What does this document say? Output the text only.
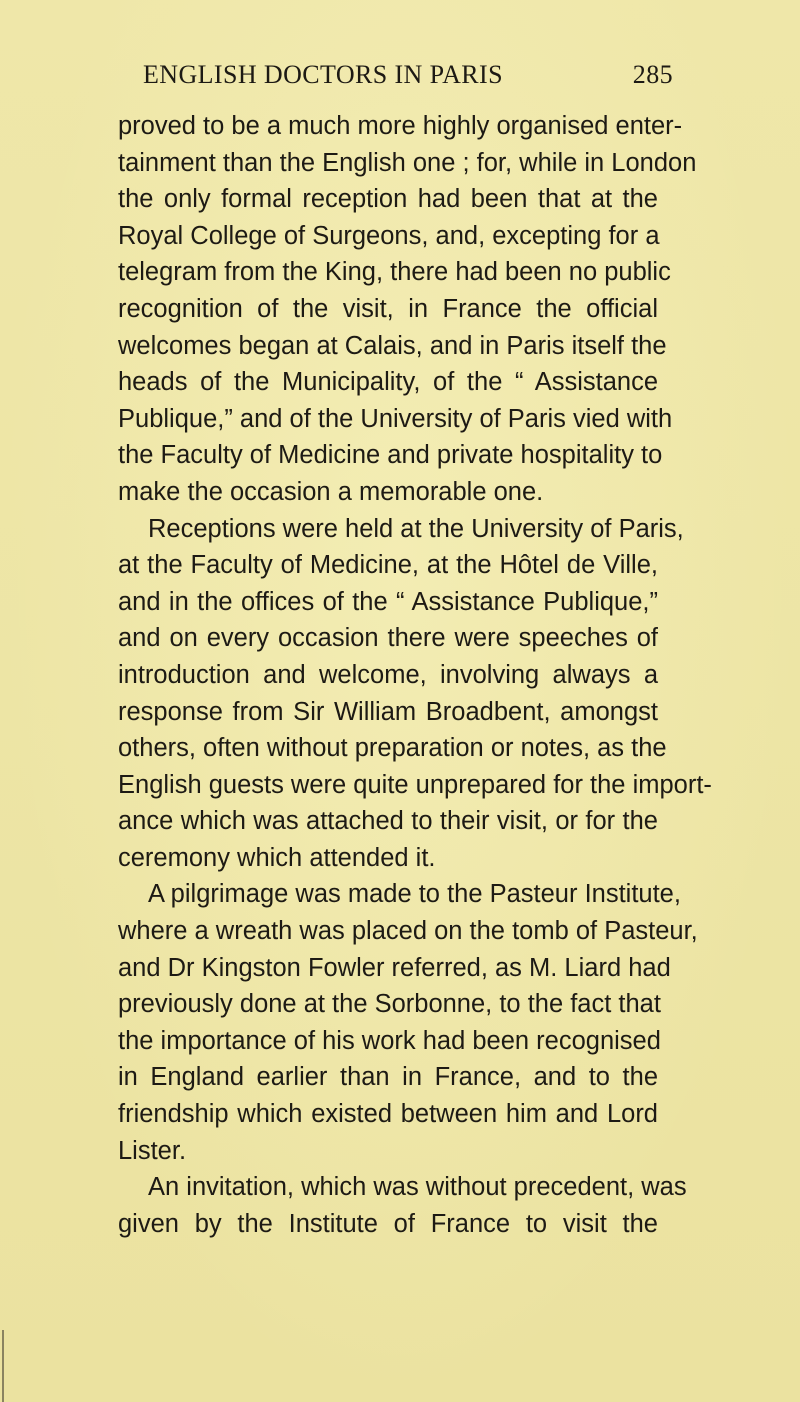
ENGLISH DOCTORS IN PARIS	285
proved to be a much more highly organised enter-
tainment than the English one ; for, while in London
the only formal reception had been that at the
Royal College of Surgeons, and, excepting for a
telegram from the King, there had been no public
recognition of the visit, in France the official
welcomes began at Calais, and in Paris itself the
heads of the Municipality, of the “ Assistance
Publique,” and of the University of Paris vied with
the Faculty of Medicine and private hospitality to
make the occasion a memorable one.
Receptions were held at the University of Paris,
at the Faculty of Medicine, at the Hôtel de Ville,
and in the offices of the “ Assistance Publique,”
and on every occasion there were speeches of
introduction and welcome, involving always a
response from Sir William Broadbent, amongst
others, often without preparation or notes, as the
English guests were quite unprepared for the import-
ance which was attached to their visit, or for the
ceremony which attended it.
A pilgrimage was made to the Pasteur Institute,
where a wreath was placed on the tomb of Pasteur,
and Dr Kingston Fowler referred, as M. Liard had
previously done at the Sorbonne, to the fact that
the importance of his work had been recognised
in England earlier than in France, and to the
friendship which existed between him and Lord
Lister.
An invitation, which was without precedent, was
given by the Institute of France to visit the
